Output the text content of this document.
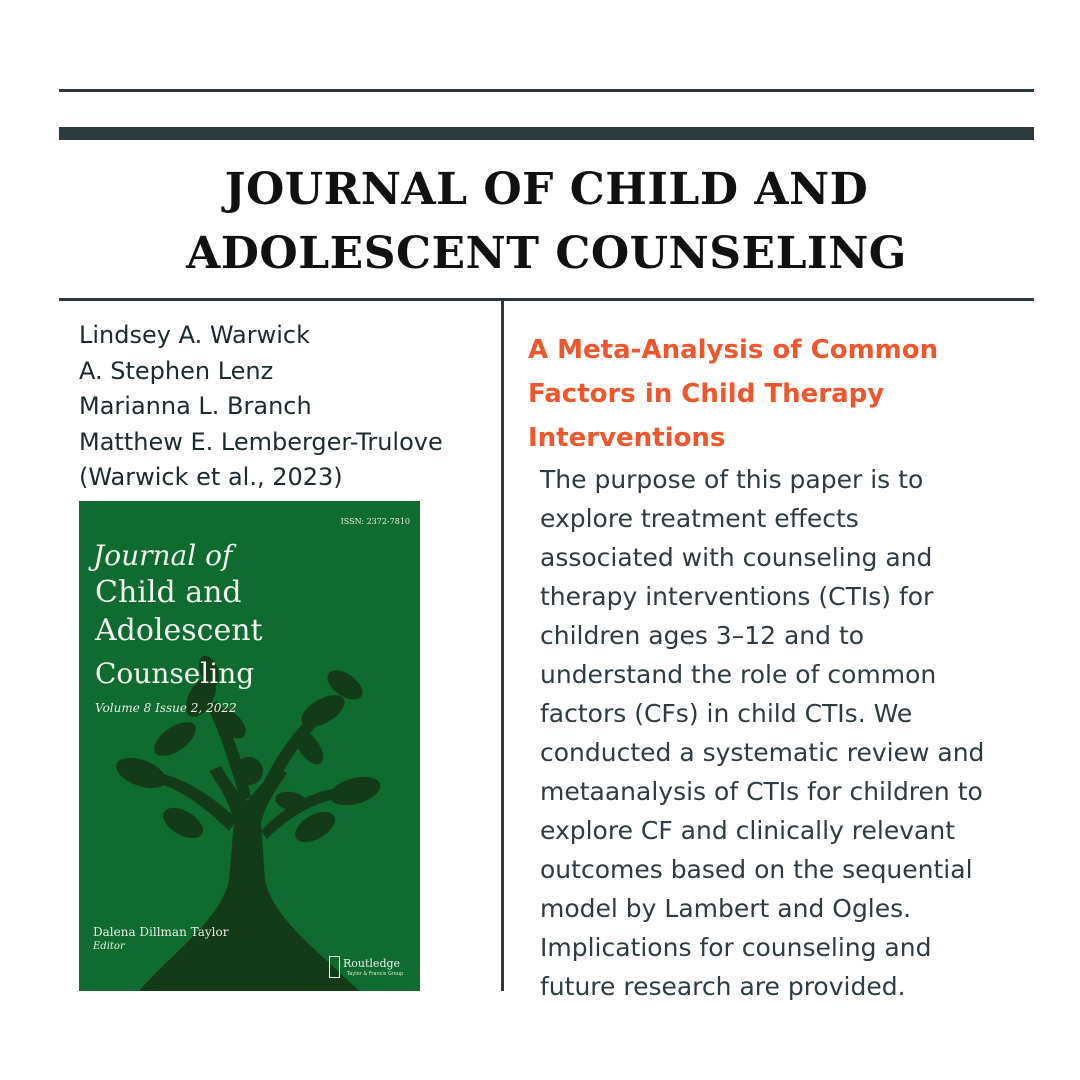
JOURNAL OF CHILD AND
ADOLESCENT COUNSELING
Lindsey A. Warwick
A. Stephen Lenz
Marianna L. Branch
Matthew E. Lemberger-Trulove
(Warwick et al., 2023)
ISSN: 2372-7810
Journal of
Child and
Adolescent
Counseling
Volume 8 Issue 2, 2022
Dalena Dillman Taylor
Editor
Routledge
Taylor & Francis Group
A Meta-Analysis of Common
Factors in Child Therapy
Interventions

The purpose of this paper is to
explore treatment effects
associated with counseling and
therapy interventions (CTIs) for
children ages 3–12 and to
understand the role of common
factors (CFs) in child CTIs. We
conducted a systematic review and
metaanalysis of CTIs for children to
explore CF and clinically relevant
outcomes based on the sequential
model by Lambert and Ogles.
Implications for counseling and
future research are provided.
